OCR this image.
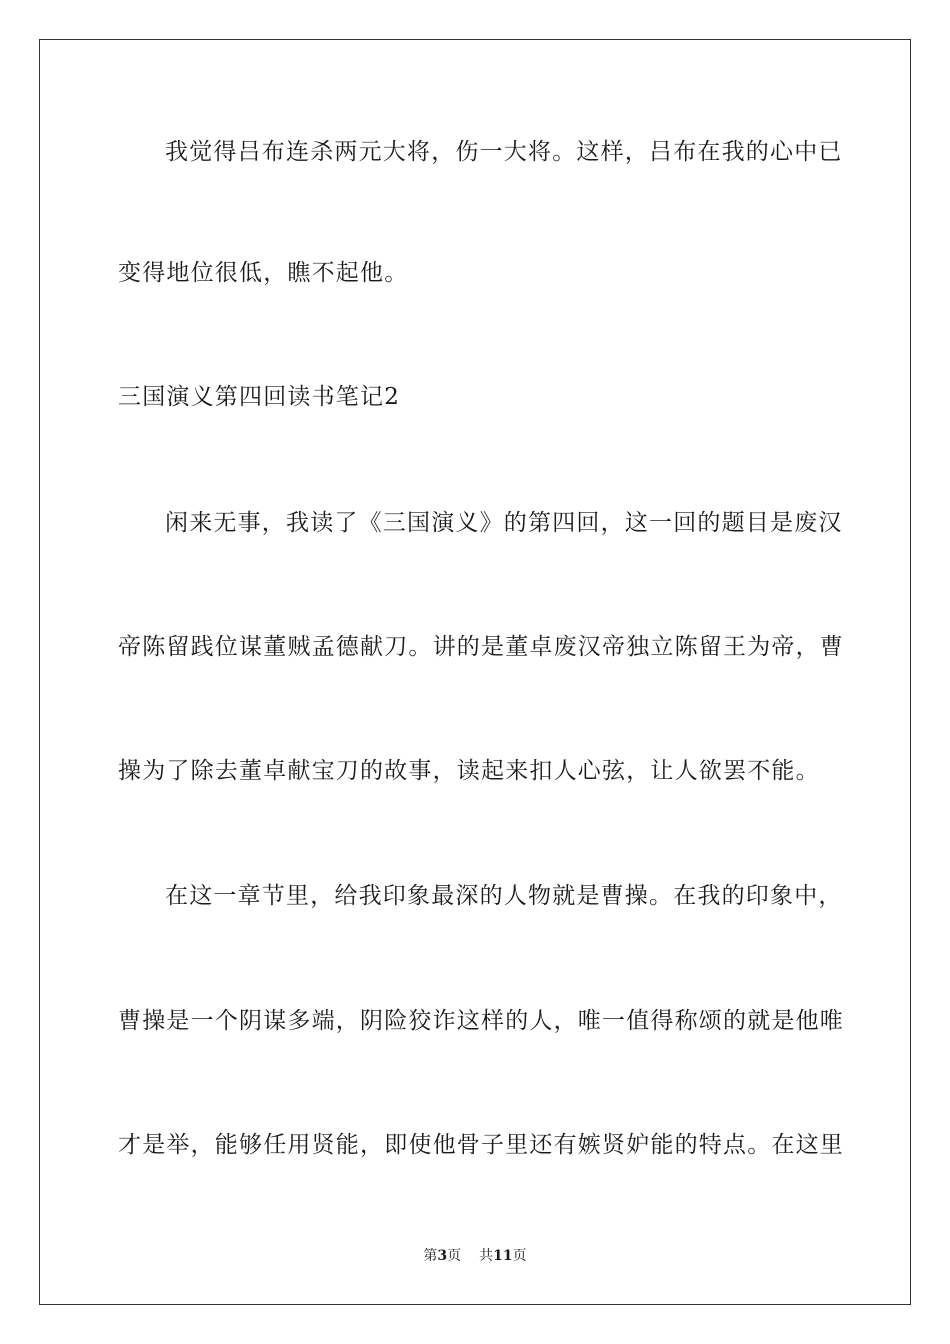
我觉得吕布连杀两元大将，伤一大将。这样，吕布在我的心中已
变得地位很低，瞧不起他。
三国演义第四回读书笔记2
闲来无事，我读了《三国演义》的第四回，这一回的题目是废汉
帝陈留践位谋董贼孟德献刀。讲的是董卓废汉帝独立陈留王为帝，曹
操为了除去董卓献宝刀的故事，读起来扣人心弦，让人欲罢不能。
在这一章节里，给我印象最深的人物就是曹操。在我的印象中，
曹操是一个阴谋多端，阴险狡诈这样的人，唯一值得称颂的就是他唯
才是举，能够任用贤能，即使他骨子里还有嫉贤妒能的特点。在这里
第3页 共11页
